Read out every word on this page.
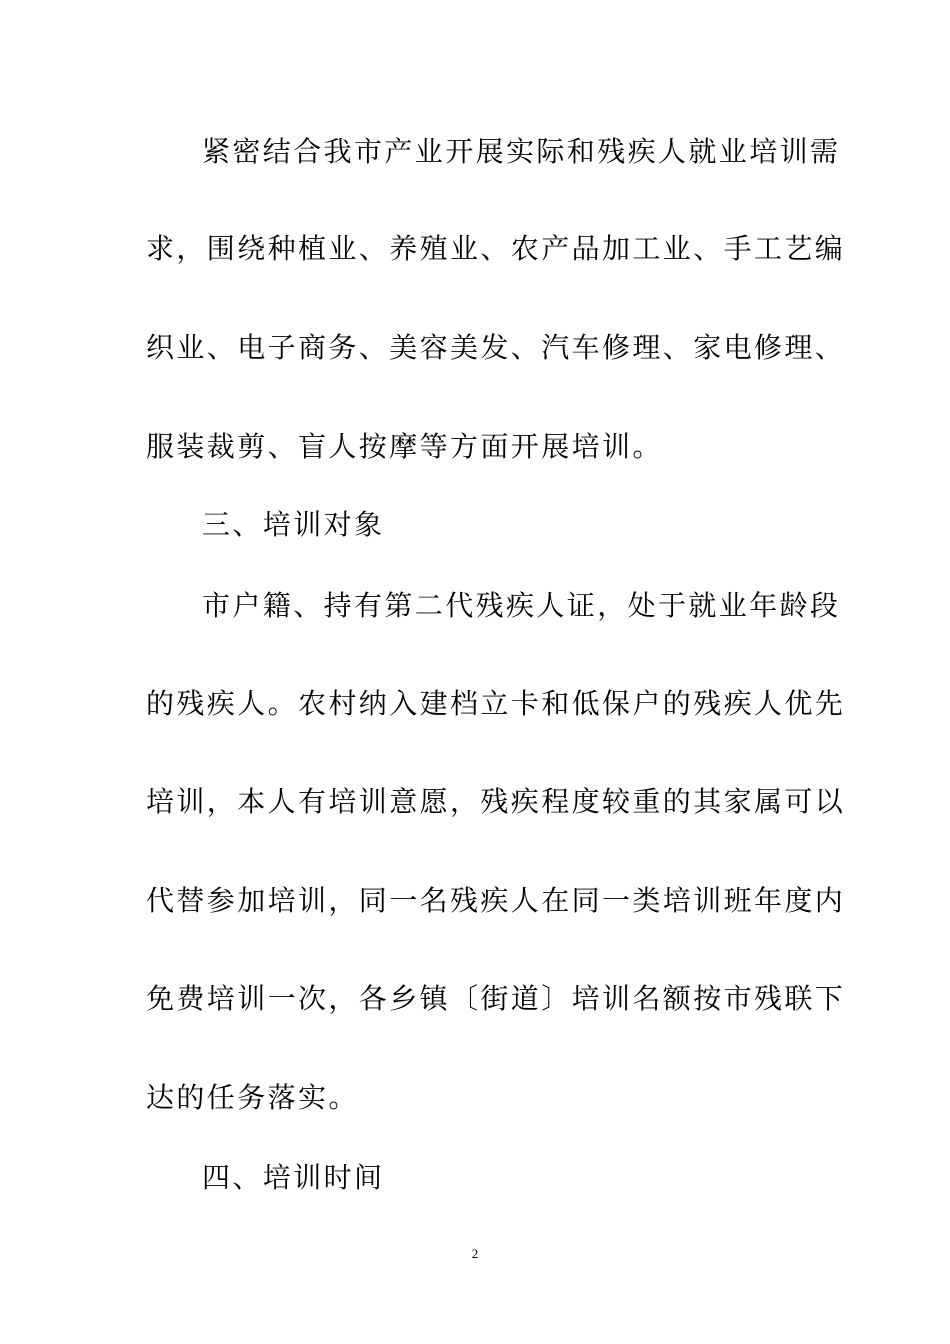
紧密结合我市产业开展实际和残疾人就业培训需
求，围绕种植业、养殖业、农产品加工业、手工艺编
织业、电子商务、美容美发、汽车修理、家电修理、
服装裁剪、盲人按摩等方面开展培训。
三、培训对象
市户籍、持有第二代残疾人证，处于就业年龄段
的残疾人。农村纳入建档立卡和低保户的残疾人优先
培训，本人有培训意愿，残疾程度较重的其家属可以
代替参加培训，同一名残疾人在同一类培训班年度内
免费培训一次，各乡镇〔街道〕培训名额按市残联下
达的任务落实。
四、培训时间
2
